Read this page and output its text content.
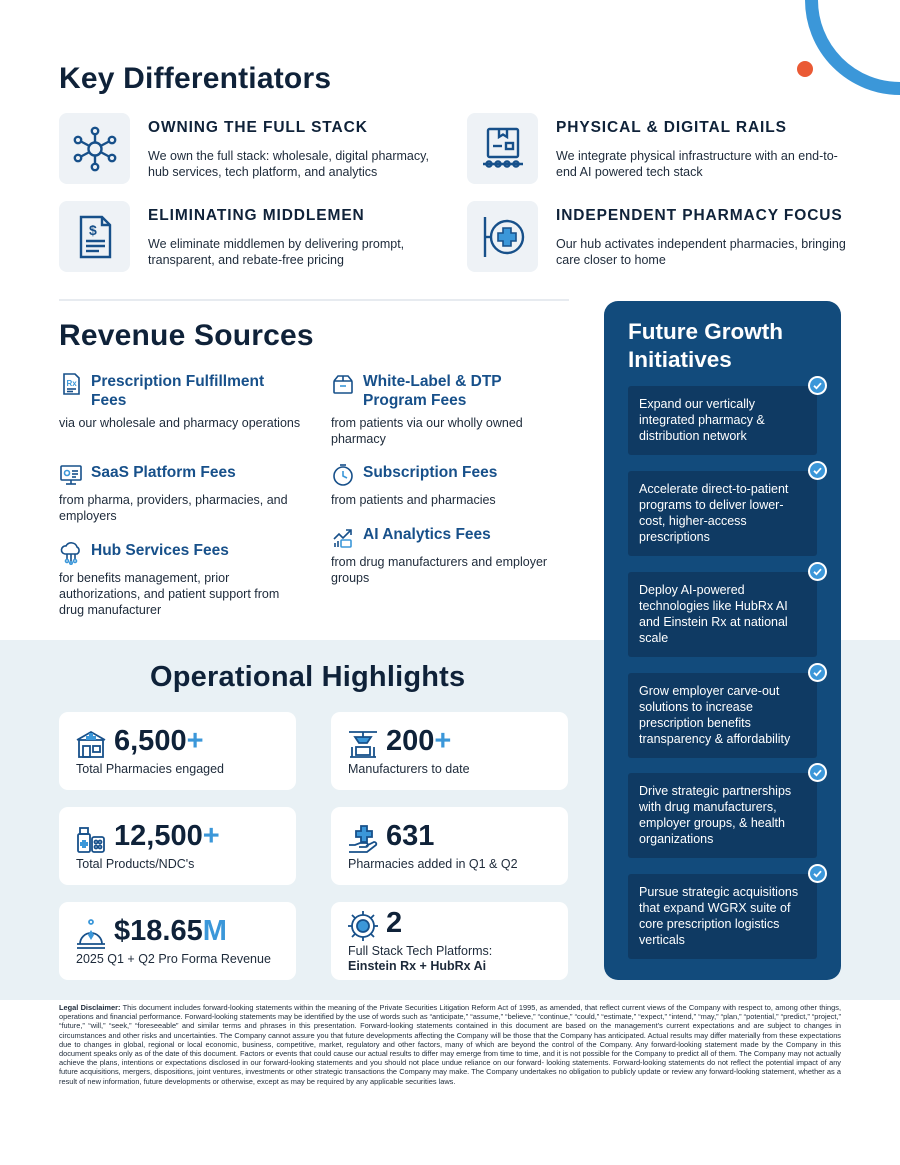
Key Differentiators
OWNING THE FULL STACK
We own the full stack: wholesale, digital pharmacy, hub services, tech platform, and analytics
PHYSICAL & DIGITAL RAILS
We integrate physical infrastructure with an end-to-end AI powered tech stack
$
ELIMINATING MIDDLEMEN
We eliminate middlemen by delivering prompt, transparent, and rebate-free pricing
INDEPENDENT PHARMACY FOCUS
Our hub activates independent pharmacies, bringing care closer to home
Revenue Sources
Rx Prescription Fulfillment Fees
via our wholesale and pharmacy operations
White-Label & DTP Program Fees
from patients via our wholly owned pharmacy
SaaS Platform Fees
from pharma, providers, pharmacies, and employers
Subscription Fees
from patients and pharmacies
Hub Services Fees
for benefits management, prior authorizations, and patient support from drug manufacturer
AI Analytics Fees
from drug manufacturers and employer groups
Operational Highlights
6,500+
Total Pharmacies engaged
200+
Manufacturers to date
12,500+
Total Products/NDC's
631
Pharmacies added in Q1 & Q2
$18.65M
2025 Q1 + Q2 Pro Forma Revenue
2
Full Stack Tech Platforms:
Einstein Rx + HubRx Ai
Future Growth Initiatives
Expand our vertically integrated pharmacy & distribution network
Accelerate direct-to-patient programs to deliver lower-cost, higher-access prescriptions
Deploy AI-powered technologies like HubRx AI and Einstein Rx at national scale
Grow employer carve-out solutions to increase prescription benefits transparency & affordability
Drive strategic partnerships with drug manufacturers, employer groups, & health organizations
Pursue strategic acquisitions that expand WGRX suite of core prescription logistics verticals
Legal Disclaimer: This document includes forward-looking statements within the meaning of the Private Securities Litigation Reform Act of 1995, as amended, that reflect current views of the Company with respect to, among other things, operations and financial performance. Forward-looking statements may be identified by the use of words such as “anticipate,” “assume,” “believe,” “continue,” “could,” “estimate,” “expect,” “intend,” “may,” “plan,” “potential,” “predict,” “project,” “future,” “will,” “seek,” “foreseeable” and similar terms and phrases in this presentation. Forward-looking statements contained in this document are based on the management’s current expectations and are subject to changes in circumstances and other risks and uncertainties. The Company cannot assure you that future developments affecting the Company will be those that the Company has anticipated. Actual results may differ materially from these expectations due to changes in global, regional or local economic, business, competitive, market, regulatory and other factors, many of which are beyond the control of the Company. Any forward-looking statement made by the Company in this document speaks only as of the date of this document. Factors or events that could cause our actual results to differ may emerge from time to time, and it is not possible for the Company to predict all of them. The Company may not actually achieve the plans, intentions or expectations disclosed in our forward-looking statements and you should not place undue reliance on our forward- looking statements. Forward-looking statements do not reflect the potential impact of any future acquisitions, mergers, dispositions, joint ventures, investments or other strategic transactions the Company may make. The Company undertakes no obligation to publicly update or review any forward-looking statement, whether as a result of new information, future developments or otherwise, except as may be required by any applicable securities laws.
